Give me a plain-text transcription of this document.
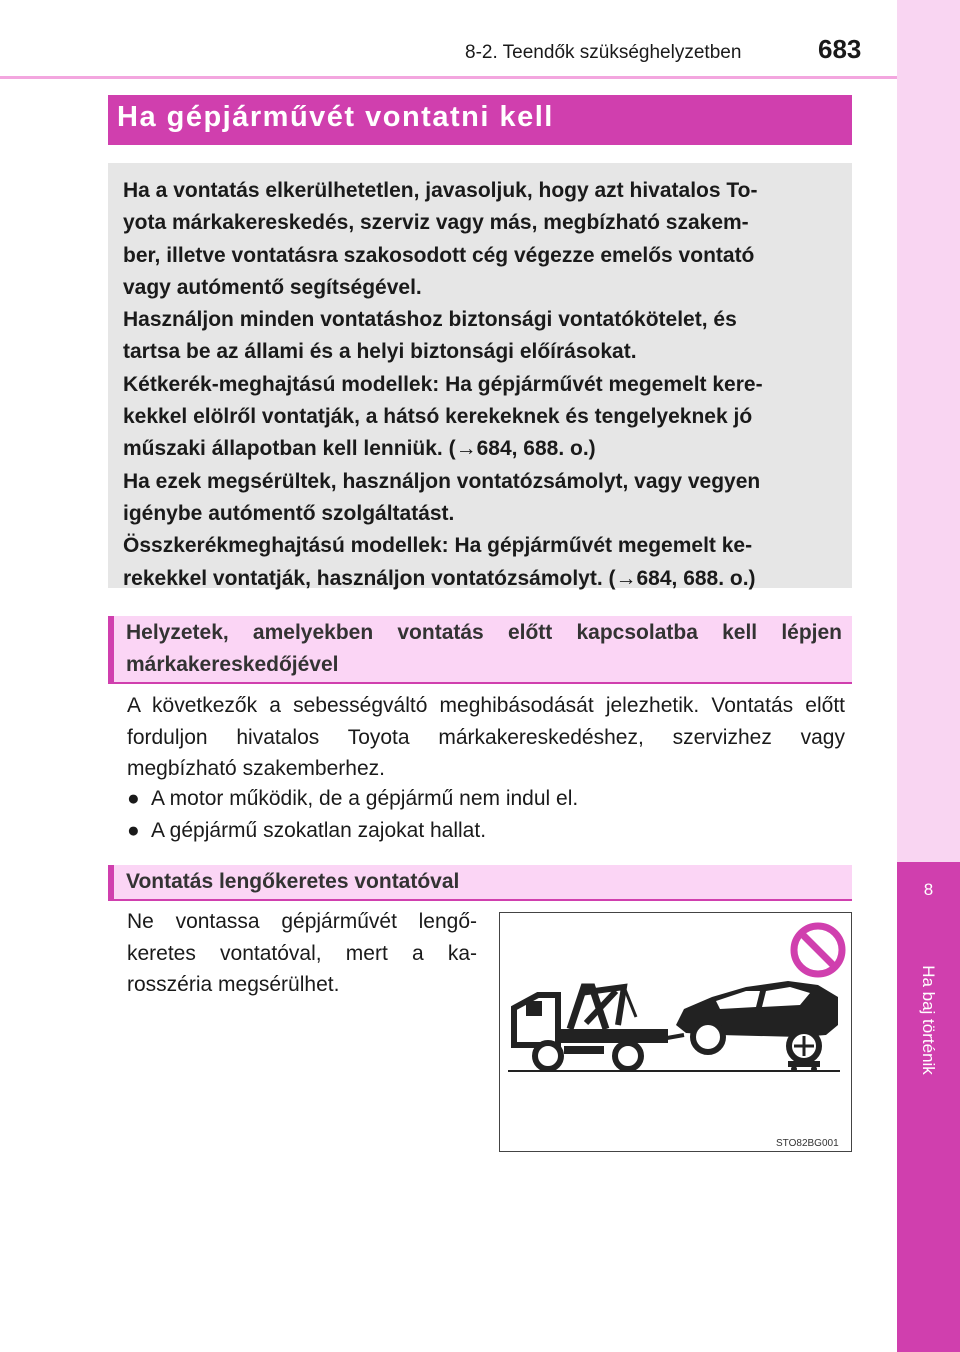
8
Ha baj történik
8-2. Teendők szükséghelyzetben	683
Ha gépjárművét vontatni kell

Ha a vontatás elkerülhetetlen, javasoljuk, hogy azt hivatalos To-

yota márkakereskedés, szerviz vagy más, megbízható szakem-

ber, illetve vontatásra szakosodott cég végezze emelős vontató

vagy autómentő segítségével.

Használjon minden vontatáshoz biztonsági vontatókötelet, és

tartsa be az állami és a helyi biztonsági előírásokat.

Kétkerék-meghajtású modellek: Ha gépjárművét megemelt kere-

kekkel elölről vontatják, a hátsó kerekeknek és tengelyeknek jó

műszaki állapotban kell lenniük. (→684, 688. o.)

Ha ezek megsérültek, használjon vontatózsámolyt, vagy vegyen

igénybe autómentő szolgáltatást.

Összkerékmeghajtású modellek: Ha gépjárművét megemelt ke-

rekekkel vontatják, használjon vontatózsámolyt. (→684, 688. o.)

Helyzetek, amelyekben vontatás előtt kapcsolatba kell lépjen
márkakereskedőjével

A következők a sebességváltó meghibásodását jelezhetik. Vontatás előtt forduljon hivatalos Toyota márkakereskedéshez, szervizhez vagy megbízható szakemberhez.

● A motor működik, de a gépjármű nem indul el.
● A gépjármű szokatlan zajokat hallat.
Vontatás lengőkeretes vontatóval

Ne vontassa gépjárművét lengő-keretes vontatóval, mert a ka-rosszéria megsérülhet.

STO82BG001
